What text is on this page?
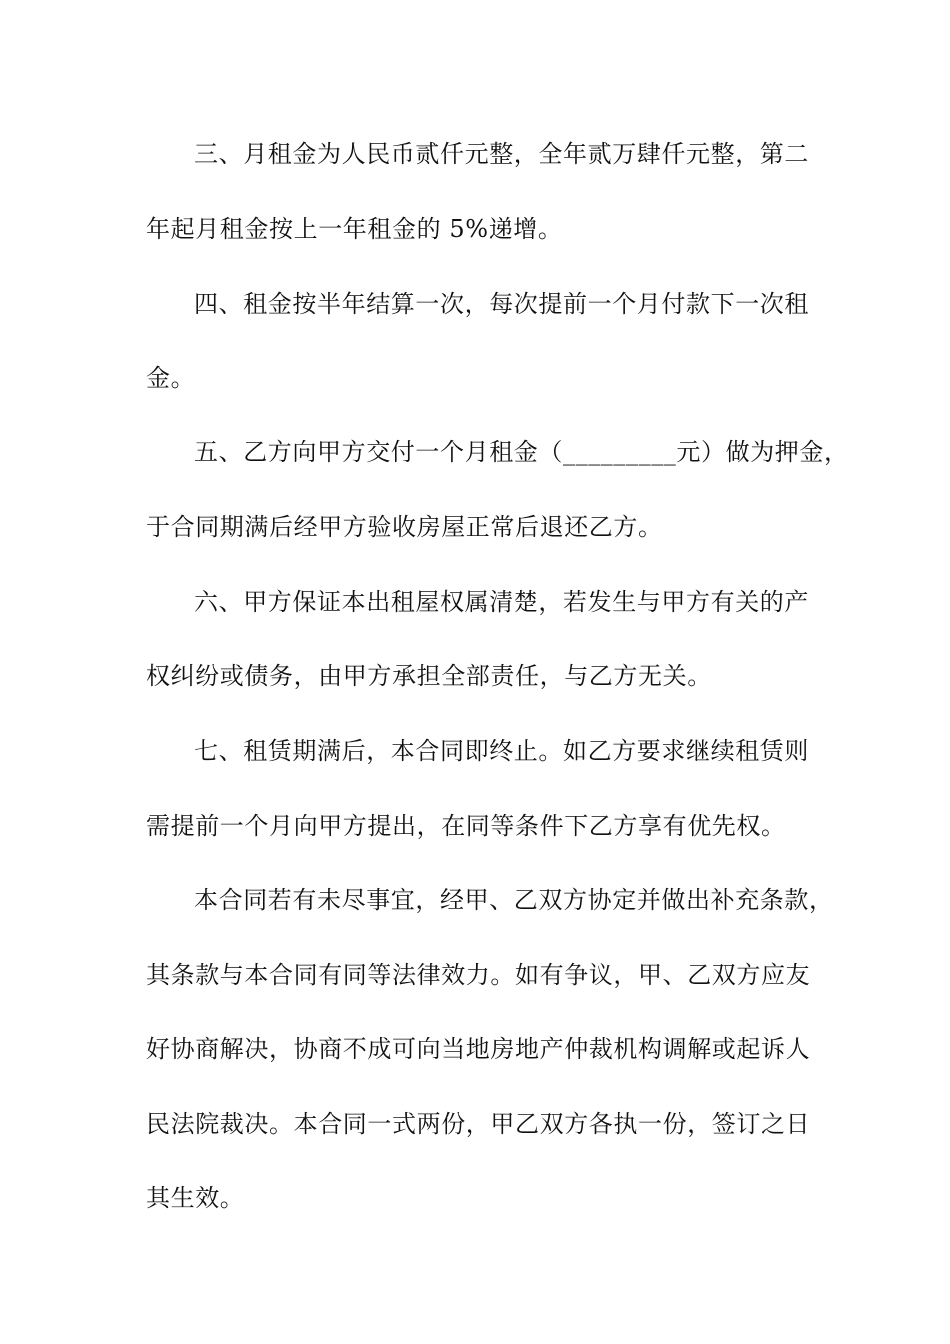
三、月租金为人民币贰仟元整，全年贰万肆仟元整，第二
年起月租金按上一年租金的 5%递增。
四、租金按半年结算一次，每次提前一个月付款下一次租
金。
五、乙方向甲方交付一个月租金（_________元）做为押金，
于合同期满后经甲方验收房屋正常后退还乙方。
六、甲方保证本出租屋权属清楚，若发生与甲方有关的产
权纠纷或债务，由甲方承担全部责任，与乙方无关。
七、租赁期满后，本合同即终止。如乙方要求继续租赁则
需提前一个月向甲方提出，在同等条件下乙方享有优先权。
本合同若有未尽事宜，经甲、乙双方协定并做出补充条款，
其条款与本合同有同等法律效力。如有争议，甲、乙双方应友
好协商解决，协商不成可向当地房地产仲裁机构调解或起诉人
民法院裁决。本合同一式两份，甲乙双方各执一份，签订之日
其生效。
